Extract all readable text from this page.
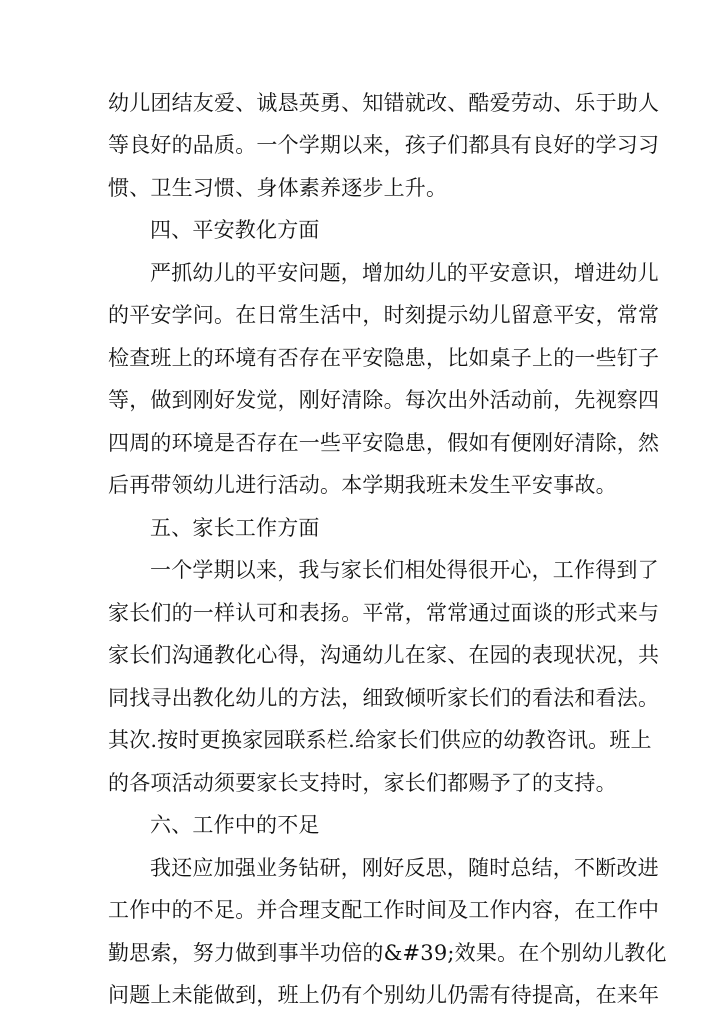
幼儿团结友爱、诚恳英勇、知错就改、酷爱劳动、乐于助人
等良好的品质。一个学期以来，孩子们都具有良好的学习习
惯、卫生习惯、身体素养逐步上升。
四、平安教化方面
严抓幼儿的平安问题，增加幼儿的平安意识，增进幼儿
的平安学问。在日常生活中，时刻提示幼儿留意平安，常常
检查班上的环境有否存在平安隐患，比如桌子上的一些钉子
等，做到刚好发觉，刚好清除。每次出外活动前，先视察四
四周的环境是否存在一些平安隐患，假如有便刚好清除，然
后再带领幼儿进行活动。本学期我班未发生平安事故。
五、家长工作方面
一个学期以来，我与家长们相处得很开心，工作得到了
家长们的一样认可和表扬。平常，常常通过面谈的形式来与
家长们沟通教化心得，沟通幼儿在家、在园的表现状况，共
同找寻出教化幼儿的方法，细致倾听家长们的看法和看法。
其次.按时更换家园联系栏.给家长们供应的幼教咨讯。班上
的各项活动须要家长支持时，家长们都赐予了的支持。
六、工作中的不足
我还应加强业务钻研，刚好反思，随时总结，不断改进
工作中的不足。并合理支配工作时间及工作内容，在工作中
勤思索，努力做到事半功倍的&#39;效果。在个别幼儿教化
问题上未能做到，班上仍有个别幼儿仍需有待提高，在来年
